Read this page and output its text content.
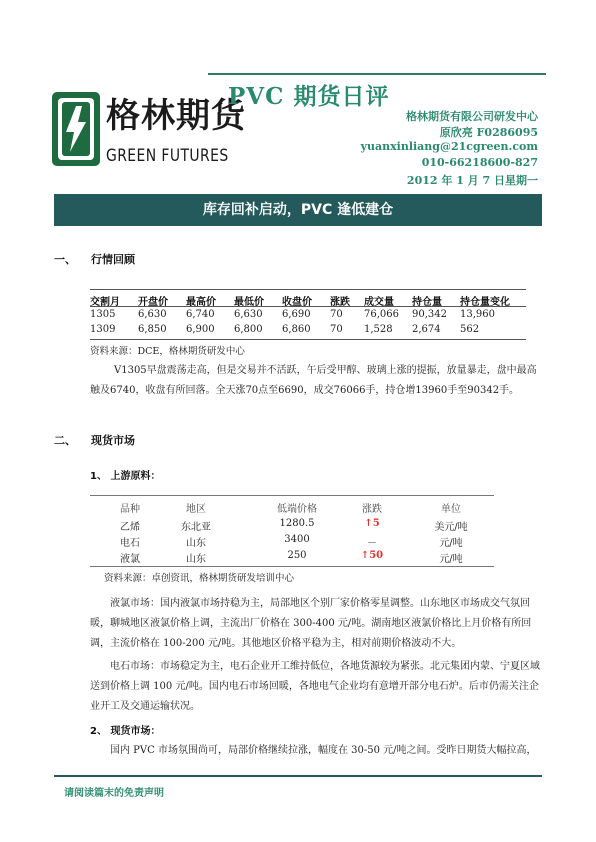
格林期货
GREEN FUTURES
PVC 期货日评
格林期货有限公司研发中心
原欣亮 F0286095
yuanxinliang@21cgreen.com
010-66218600-827
2012 年 1 月 7 日星期一
库存回补启动，PVC 逢低建仓
一、 行情回顾
交割月 开盘价 最高价 最低价 收盘价 涨跌 成交量 持仓量 持仓量变化
1305 6,630 6,740 6,630 6,690 70 76,066 90,342 13,960
1309 6,850 6,900 6,800 6,860 70 1,528 2,674 562
资料来源：DCE，格林期货研发中心
V1305早盘震荡走高，但是交易并不活跃，午后受甲醇、玻璃上涨的提振，放量暴走，盘中最高触及6740，收盘有所回落。全天涨70点至6690，成交76066手，持仓增13960手至90342手。
二、 现货市场
1、 上游原料：
品种	地区	低端价格	涨跌	单位
乙烯	东北亚	1280.5	↑5	美元/吨
电石	山东	3400	－	元/吨
液氯	山东	250	↑50	元/吨
资料来源：卓创资讯，格林期货研发培训中心
液氯市场：国内液氯市场持稳为主，局部地区个别厂家价格零星调整。山东地区市场成交气氛回暖，聊城地区液氯价格上调，主流出厂价格在 300-400 元/吨。湖南地区液氯价格比上月价格有所回调，主流价格在 100-200 元/吨。其他地区价格平稳为主，相对前期价格波动不大。
电石市场：市场稳定为主，电石企业开工维持低位，各地货源较为紧张。北元集团内蒙、宁夏区域送到价格上调 100 元/吨。国内电石市场回暖，各地电气企业均有意增开部分电石炉。后市仍需关注企业开工及交通运输状况。
2、 现货市场：
国内 PVC 市场氛围尚可，局部价格继续拉涨，幅度在 30-50 元/吨之间。受昨日期货大幅拉高，
请阅读篇末的免责声明
